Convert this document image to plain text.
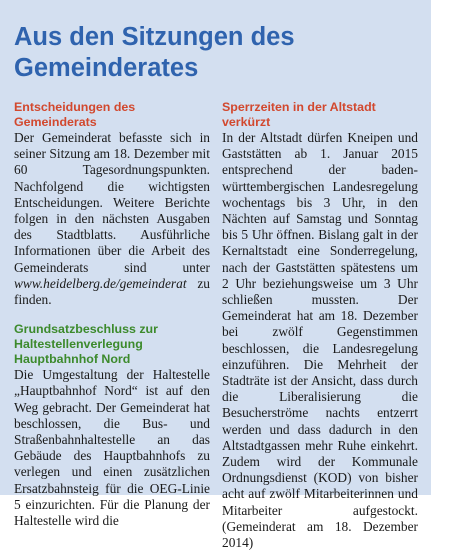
Aus den Sitzungen des Gemeinderates
Entscheidungen des Gemeinderats

Der Gemeinderat befasste sich in seiner Sitzung am 18. Dezember mit 60 Tagesordnungspunkten. Nachfolgend die wichtigsten Entscheidungen. Weitere Berichte folgen in den nächsten Ausgaben des Stadtblatts. Ausführliche Informationen über die Arbeit des Gemeinderats sind unter www.heidelberg.de/gemeinderat zu finden.

Grundsatzbeschluss zur Haltestellenverlegung Hauptbahnhof Nord

Die Umgestaltung der Haltestelle „Hauptbahnhof Nord“ ist auf den Weg gebracht. Der Gemeinderat hat beschlossen, die Bus- und Straßenbahnhaltestelle an das Gebäude des Hauptbahnhofs zu verlegen und einen zusätzlichen Ersatzbahnsteig für die OEG-Linie 5 einzurichten. Für die Planung der Haltestelle wird die

Sperrzeiten in der Altstadt verkürzt

In der Altstadt dürfen Kneipen und Gaststätten ab 1. Januar 2015 entsprechend der baden-württembergischen Landesregelung wochentags bis 3 Uhr, in den Nächten auf Samstag und Sonntag bis 5 Uhr öffnen. Bislang galt in der Kernaltstadt eine Sonderregelung, nach der Gaststätten spätestens um 2 Uhr beziehungsweise um 3 Uhr schließen mussten. Der Gemeinderat hat am 18. Dezember bei zwölf Gegenstimmen beschlossen, die Landesregelung einzuführen. Die Mehrheit der Stadträte ist der Ansicht, dass durch die Liberalisierung die Besucherströme nachts entzerrt werden und dass dadurch in den Altstadtgassen mehr Ruhe einkehrt. Zudem wird der Kommunale Ordnungsdienst (KOD) von bisher acht auf zwölf Mitarbeiterinnen und Mitarbeiter aufgestockt. (Gemeinderat am 18. Dezember 2014)
